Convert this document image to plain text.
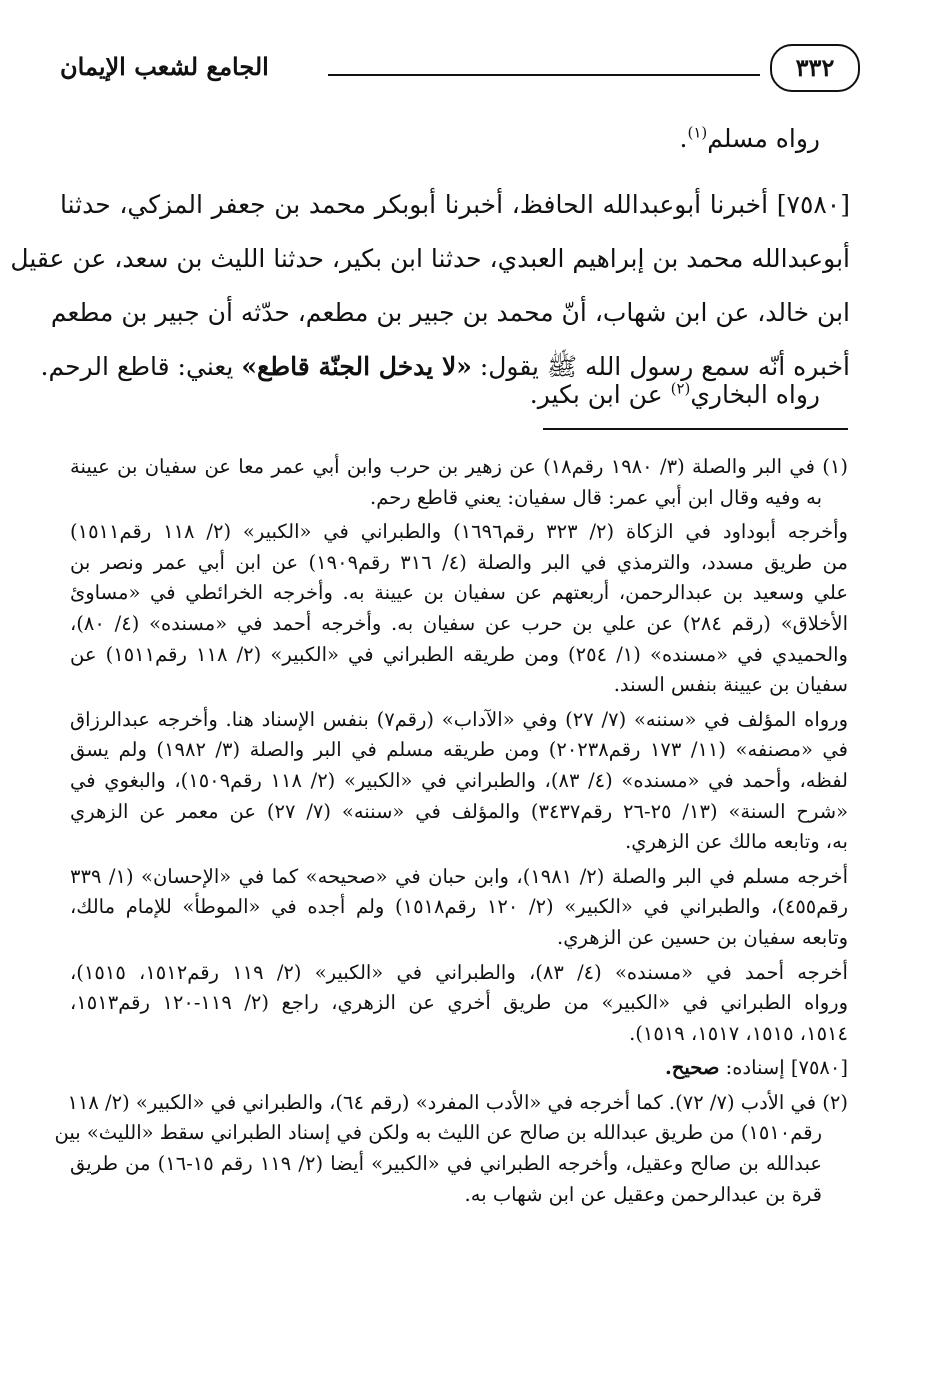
الجامع لشعب الإيمان	٣٣٢
رواه مسلم$^{(١)}$.
[٧٥٨٠] أخبرنا أبوعبدالله الحافظ، أخبرنا أبوبكر محمد بن جعفر المزكي، حدثنا
أبوعبدالله محمد بن إبراهيم العبدي، حدثنا ابن بكير، حدثنا الليث بن سعد، عن عقيل
ابن خالد، عن ابن شهاب، أنّ محمد بن جبير بن مطعم، حدّثه أن جبير بن مطعم
أخبره أنّه سمع رسول الله ﷺ يقول: «لا يدخل الجنّة قاطع» يعني: قاطع الرحم.
رواه البخاري$^{(٢)}$ عن ابن بكير.
(١) في البر والصلة (٣/ ١٩٨٠ رقم١٨) عن زهير بن حرب وابن أبي عمر معا عن سفيان بن عيينة
به وفيه وقال ابن أبي عمر: قال سفيان: يعني قاطع رحم.
وأخرجه أبوداود في الزكاة (٢/ ٣٢٣ رقم١٦٩٦) والطبراني في «الكبير» (٢/ ١١٨ رقم١٥١١)
من طريق مسدد، والترمذي في البر والصلة (٤/ ٣١٦ رقم١٩٠٩) عن ابن أبي عمر ونصر بن
علي وسعيد بن عبدالرحمن، أربعتهم عن سفيان بن عيينة به. وأخرجه الخرائطي في «مساوئ
الأخلاق» (رقم ٢٨٤) عن علي بن حرب عن سفيان به. وأخرجه أحمد في «مسنده» (٤/ ٨٠)،
والحميدي في «مسنده» (١/ ٢٥٤) ومن طريقه الطبراني في «الكبير» (٢/ ١١٨ رقم١٥١١) عن
سفيان بن عيينة بنفس السند.
ورواه المؤلف في «سننه» (٧/ ٢٧) وفي «الآداب» (رقم٧) بنفس الإسناد هنا. وأخرجه عبدالرزاق
في «مصنفه» (١١/ ١٧٣ رقم٢٠٢٣٨) ومن طريقه مسلم في البر والصلة (٣/ ١٩٨٢) ولم يسق
لفظه، وأحمد في «مسنده» (٤/ ٨٣)، والطبراني في «الكبير» (٢/ ١١٨ رقم١٥٠٩)، والبغوي في
«شرح السنة» (١٣/ ٢٥-٢٦ رقم٣٤٣٧) والمؤلف في «سننه» (٧/ ٢٧) عن معمر عن الزهري
به، وتابعه مالك عن الزهري.
أخرجه مسلم في البر والصلة (٢/ ١٩٨١)، وابن حبان في «صحيحه» كما في «الإحسان» (١/ ٣٣٩
رقم٤٥٥)، والطبراني في «الكبير» (٢/ ١٢٠ رقم١٥١٨) ولم أجده في «الموطأ» للإمام مالك،
وتابعه سفيان بن حسين عن الزهري.
أخرجه أحمد في «مسنده» (٤/ ٨٣)، والطبراني في «الكبير» (٢/ ١١٩ رقم١٥١٢، ١٥١٥)،
ورواه الطبراني في «الكبير» من طريق أخري عن الزهري، راجع (٢/ ١١٩-١٢٠ رقم١٥١٣،
١٥١٤، ١٥١٥، ١٥١٧، ١٥١٩).
[٧٥٨٠] إسناده: صحيح.
(٢) في الأدب (٧/ ٧٢). كما أخرجه في «الأدب المفرد» (رقم ٦٤)، والطبراني في «الكبير» (٢/ ١١٨
رقم١٥١٠) من طريق عبدالله بن صالح عن الليث به ولكن في إسناد الطبراني سقط «الليث» بين
عبدالله بن صالح وعقيل، وأخرجه الطبراني في «الكبير» أيضا (٢/ ١١٩ رقم ١٥-١٦) من طريق
قرة بن عبدالرحمن وعقيل عن ابن شهاب به.
